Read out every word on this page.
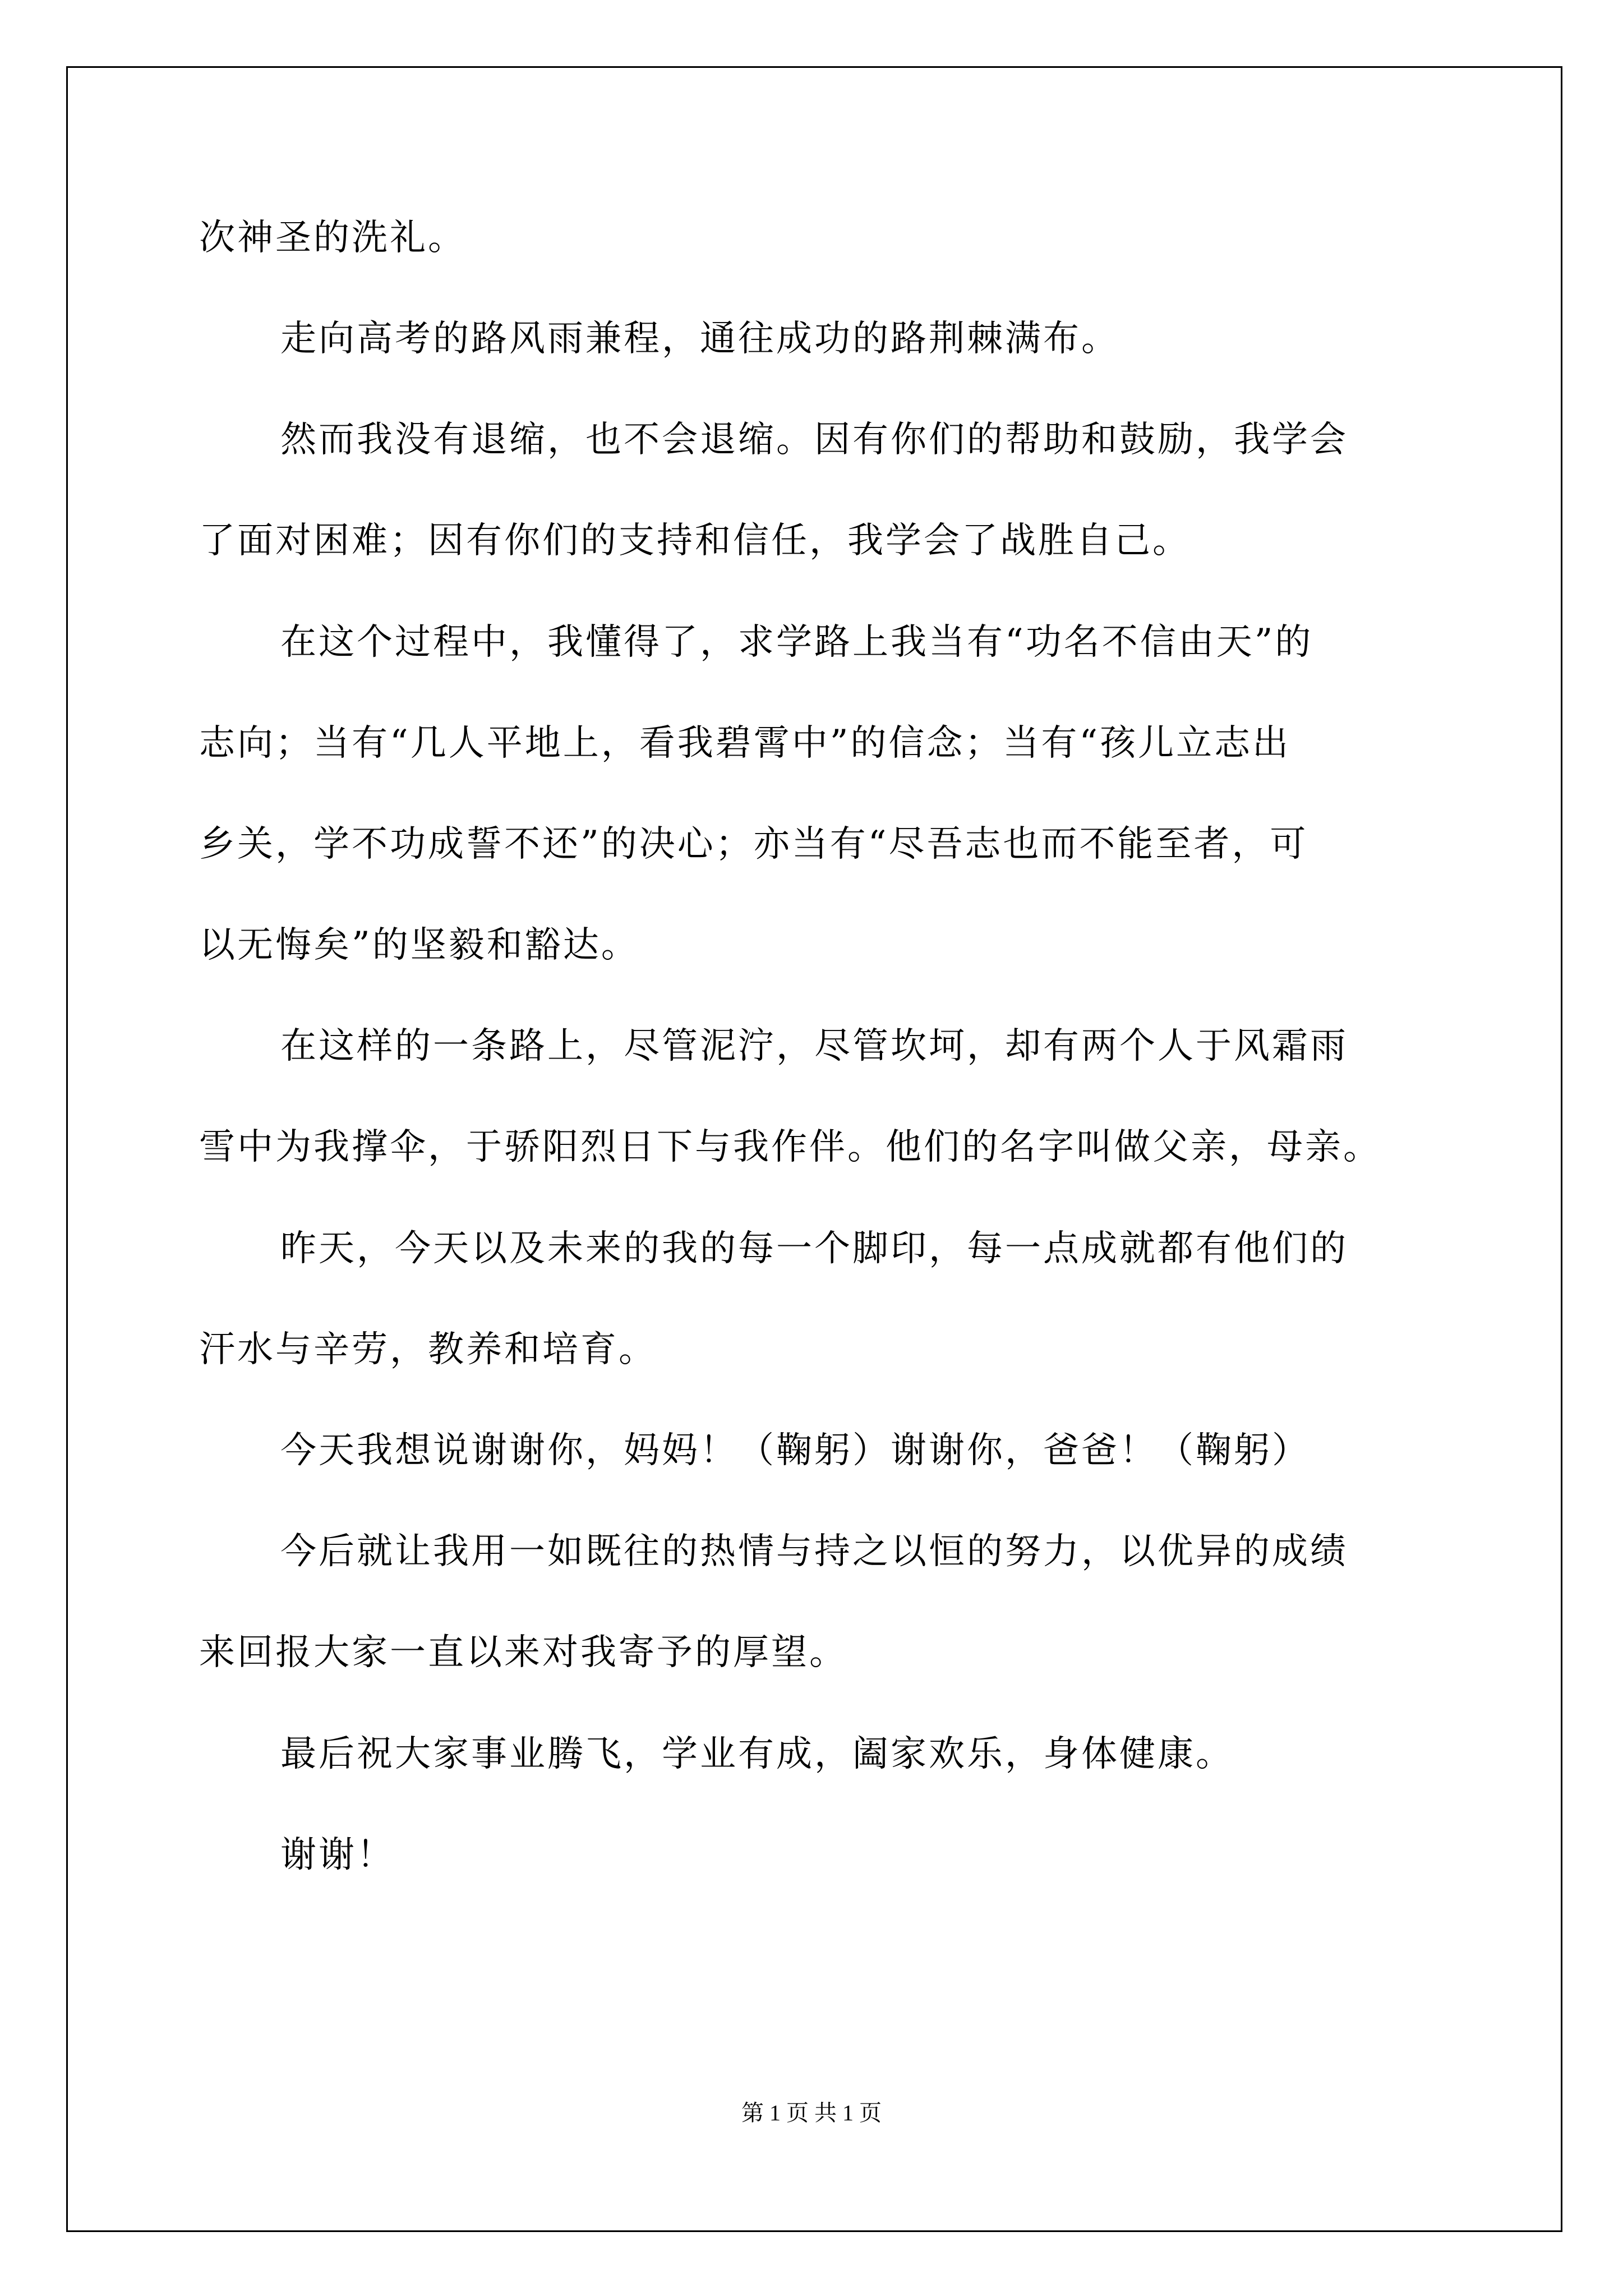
次神圣的洗礼。
走向高考的路风雨兼程，通往成功的路荆棘满布。
然而我没有退缩，也不会退缩。因有你们的帮助和鼓励，我学会
了面对困难；因有你们的支持和信任，我学会了战胜自己。
在这个过程中，我懂得了，求学路上我当有“功名不信由天”的
志向；当有“几人平地上，看我碧霄中”的信念；当有“孩儿立志出
乡关，学不功成誓不还”的决心；亦当有“尽吾志也而不能至者，可
以无悔矣”的坚毅和豁达。
在这样的一条路上，尽管泥泞，尽管坎坷，却有两个人于风霜雨
雪中为我撑伞，于骄阳烈日下与我作伴。他们的名字叫做父亲，母亲。
昨天，今天以及未来的我的每一个脚印，每一点成就都有他们的
汗水与辛劳，教养和培育。
今天我想说谢谢你，妈妈！（鞠躬）谢谢你，爸爸！（鞠躬）
今后就让我用一如既往的热情与持之以恒的努力，以优异的成绩
来回报大家一直以来对我寄予的厚望。
最后祝大家事业腾飞，学业有成，阖家欢乐，身体健康。
谢谢！
第 1 页 共 1 页
